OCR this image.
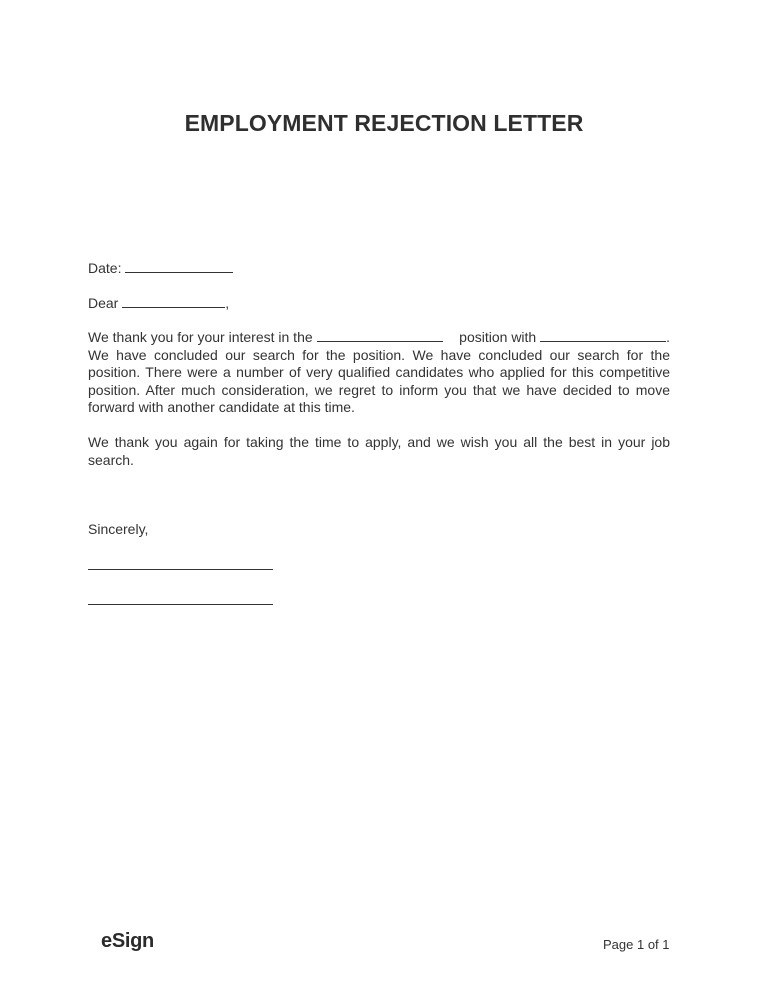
EMPLOYMENT REJECTION LETTER
Date:
Dear	,
We thank you for your interest in the	position with	.
We have concluded our search for the position. We have concluded our search for the position. There were a number of very qualified candidates who applied for this competitive position. After much consideration, we regret to inform you that we have decided to move forward with another candidate at this time.
We thank you again for taking the time to apply, and we wish you all the best in your job search.
Sincerely,
eSign	Page 1 of 1
